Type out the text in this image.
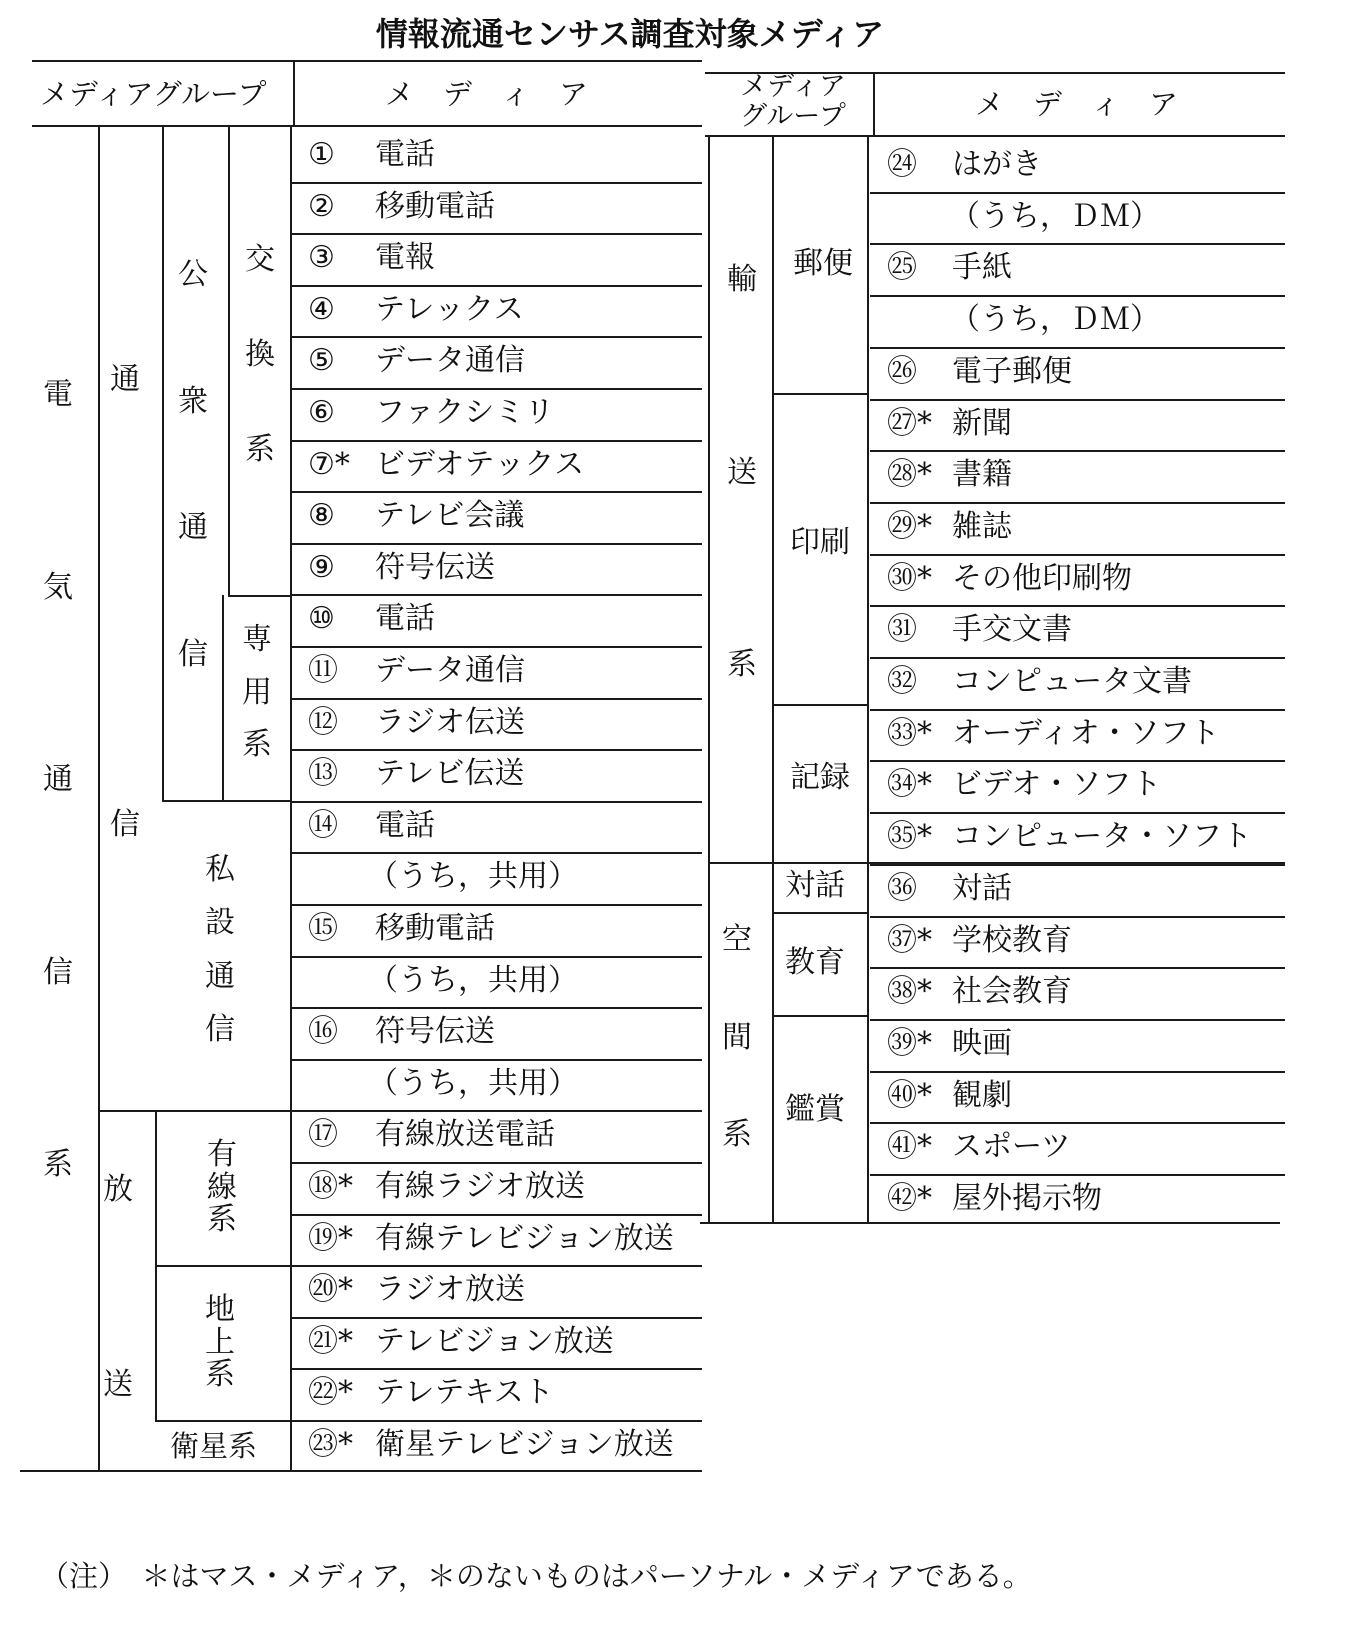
情報流通センサス調査対象メディア
（注）　＊はマス・メディア，＊のないものはパーソナル・メディアである。
メディアグループ	メ　デ　ィ　ア
電
気
通
信
系
通
信
公
衆
通
信
交
換
系
専
用
系
私
設
通
信
放
送
有
線
系
地
上
系
衛星系
① 電話
② 移動電話
③ 電報
④ テレックス
⑤ データ通信
⑥ ファクシミリ
⑦* ビデオテックス
⑧ テレビ会議
⑨ 符号伝送
⑩ 電話
⑪ データ通信
⑫ ラジオ伝送
⑬ テレビ伝送
⑭ 電話
（うち，共用）
⑮ 移動電話
（うち，共用）
⑯ 符号伝送
（うち，共用）
⑰ 有線放送電話
⑱* 有線ラジオ放送
⑲* 有線テレビジョン放送
⑳* ラジオ放送
㉑* テレビジョン放送
㉒* テレテキスト
㉓* 衛星テレビジョン放送
メディア
グループ	メ　デ　ィ　ア
輸
送
系
郵便
印刷
記録
空
間
系
対話
教育
鑑賞
㉔ はがき
（うち，ＤＭ）
㉕ 手紙
（うち，ＤＭ）
㉖ 電子郵便
㉗* 新聞
㉘* 書籍
㉙* 雑誌
㉚* その他印刷物
㉛ 手交文書
㉜ コンピュータ文書
㉝* オーディオ・ソフト
㉞* ビデオ・ソフト
㉟* コンピュータ・ソフト
㊱ 対話
㊲* 学校教育
㊳* 社会教育
㊴* 映画
㊵* 観劇
㊶* スポーツ
㊷* 屋外掲示物
